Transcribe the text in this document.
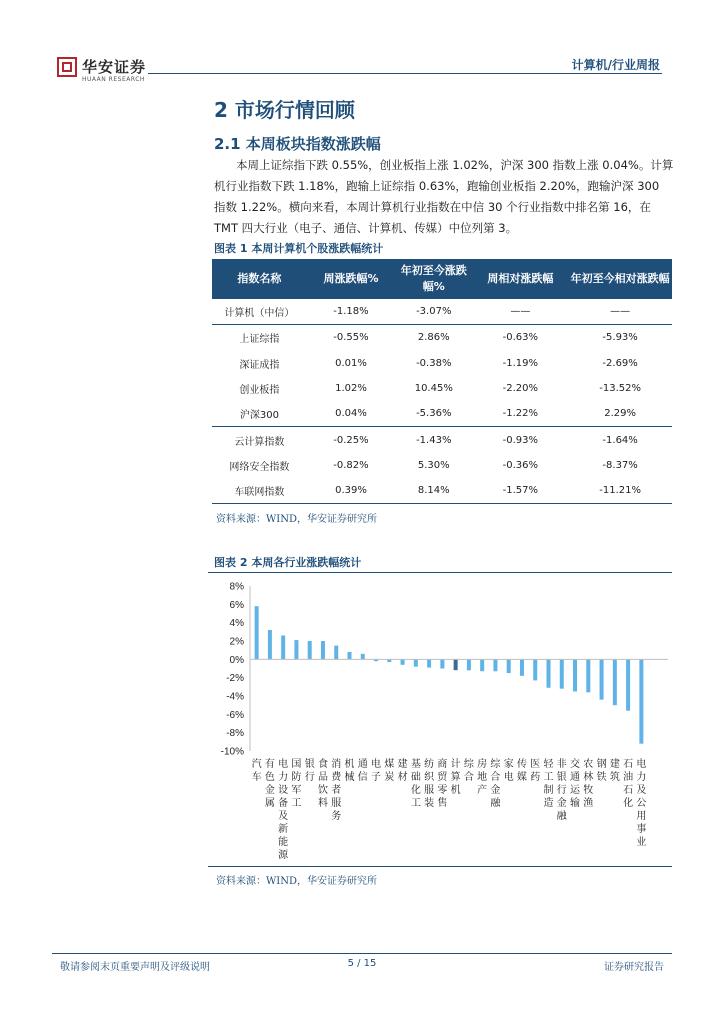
华安证券
HUAAN RESEARCH
计算机/行业周报
2 市场行情回顾
2.1 本周板块指数涨跌幅

本周上证综指下跌 0.55%，创业板指上涨 1.02%，沪深 300 指数上涨 0.04%。计算机行业指数下跌 1.18%，跑输上证综指 0.63%，跑输创业板指 2.20%，跑输沪深 300 指数 1.22%。横向来看，本周计算机行业指数在中信 30 个行业指数中排名第 16，在 TMT 四大行业（电子、通信、计算机、传媒）中位列第 3。

图表 1 本周计算机个股涨跌幅统计
指数名称	周涨跌幅%	年初至今涨跌幅%	周相对涨跌幅	年初至今相对涨跌幅
计算机（中信）	-1.18%	-3.07%	——	——
上证综指	-0.55%	2.86%	-0.63%	-5.93%
深证成指	0.01%	-0.38%	-1.19%	-2.69%
创业板指	1.02%	10.45%	-2.20%	-13.52%
沪深300	0.04%	-5.36%	-1.22%	2.29%
云计算指数	-0.25%	-1.43%	-0.93%	-1.64%
网络安全指数	-0.82%	5.30%	-0.36%	-8.37%
车联网指数	0.39%	8.14%	-1.57%	-11.21%
资料来源：WIND，华安证券研究所
图表 2 本周各行业涨跌幅统计
8%
6%
4%
2%
0%
-2%
-4%
-6%
-8%
-10%
汽
车
有
色
金
属
电
力
设
备
及
新
能
源
国
防
军
工
银
行
食
品
饮
料
消
费
者
服
务
机
械
通
信
电
子
煤
炭
建
材
基
础
化
工
纺
织
服
装
商
贸
零
售
计
算
机
综
合
房
地
产
综
合
金
融
家
电
传
媒
医
药
轻
工
制
造
非
银
行
金
融
交
通
运
输
农
林
牧
渔
钢
铁
建
筑
石
油
石
化
电
力
及
公
用
事
业
资料来源：WIND，华安证券研究所
敬请参阅末页重要声明及评级说明	5 / 15	证券研究报告
